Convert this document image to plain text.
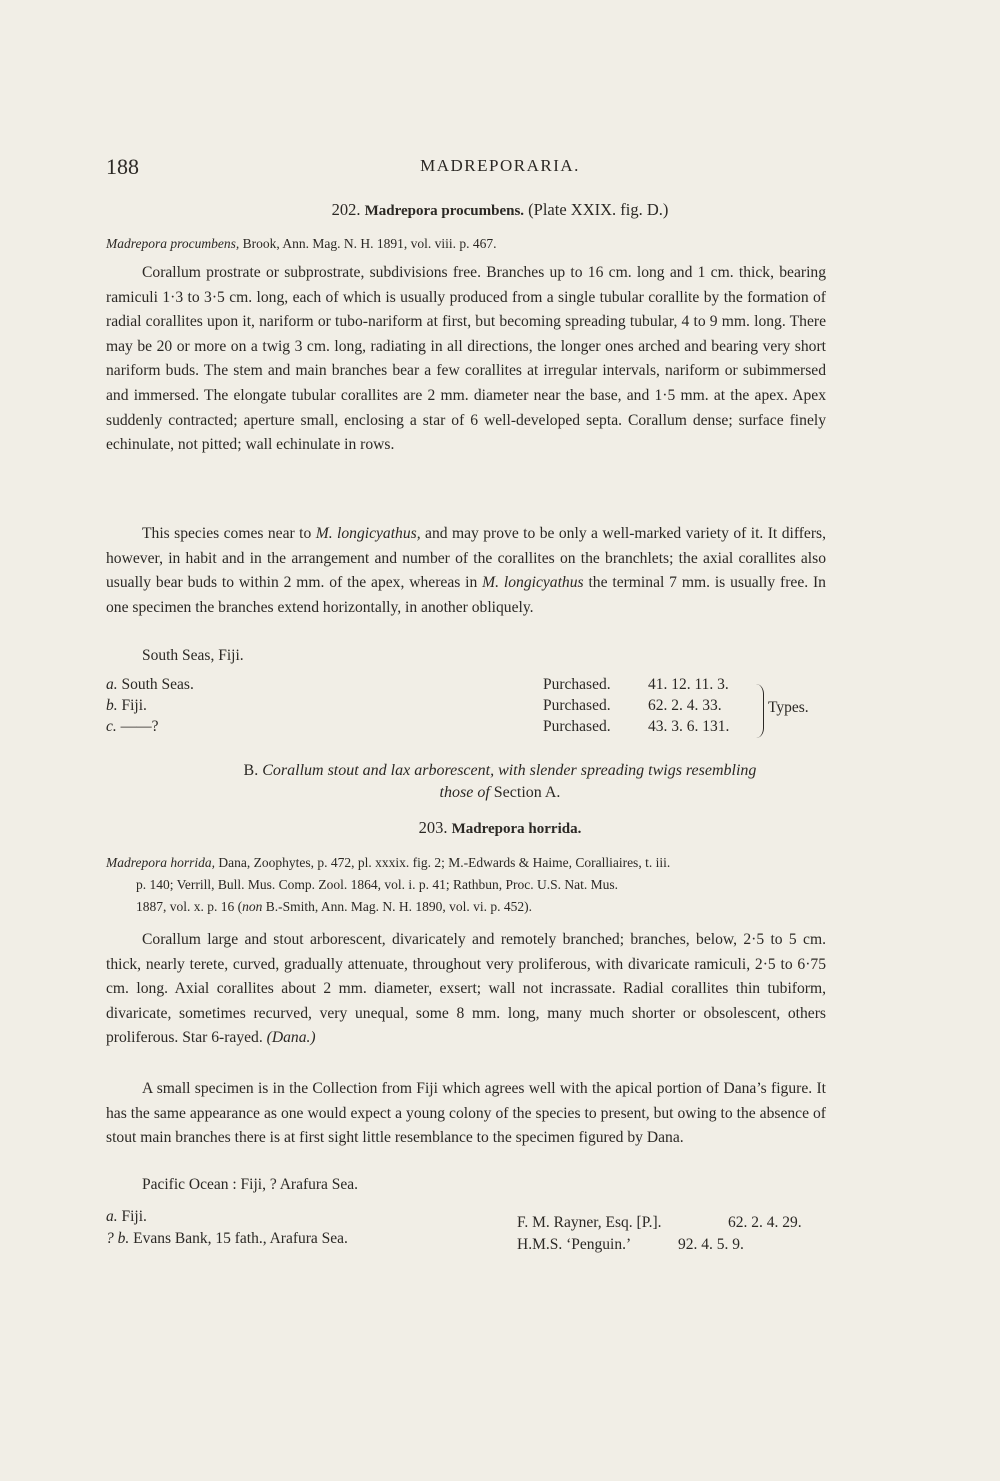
188	MADREPORARIA.
202. Madrepora procumbens. (Plate XXIX. fig. D.)
Madrepora procumbens, Brook, Ann. Mag. N. H. 1891, vol. viii. p. 467.

Corallum prostrate or subprostrate, subdivisions free. Branches up to 16 cm. long and 1 cm. thick, bearing ramiculi 1·3 to 3·5 cm. long, each of which is usually produced from a single tubular corallite by the formation of radial corallites upon it, nariform or tubo-nariform at first, but becoming spreading tubular, 4 to 9 mm. long. There may be 20 or more on a twig 3 cm. long, radiating in all directions, the longer ones arched and bearing very short nariform buds. The stem and main branches bear a few corallites at irregular intervals, nariform or subimmersed and immersed. The elongate tubular corallites are 2 mm. diameter near the base, and 1·5 mm. at the apex. Apex suddenly contracted; aperture small, enclosing a star of 6 well-developed septa. Corallum dense; surface finely echinulate, not pitted; wall echinulate in rows.

This species comes near to M. longicyathus, and may prove to be only a well-marked variety of it. It differs, however, in habit and in the arrangement and number of the corallites on the branchlets; the axial corallites also usually bear buds to within 2 mm. of the apex, whereas in M. longicyathus the terminal 7 mm. is usually free. In one specimen the branches extend horizontally, in another obliquely.

South Seas, Fiji.
a. South Seas.	Purchased. 41. 12. 11. 3.
b. Fiji.	Purchased. 62. 2. 4. 33.
c. ——?	Purchased. 43. 3. 6. 131.
Types.
B. Corallum stout and lax arborescent, with slender spreading twigs resembling
those of Section A.
203. Madrepora horrida.
Madrepora horrida, Dana, Zoophytes, p. 472, pl. xxxix. fig. 2; M.-Edwards & Haime, Coralliaires, t. iii.
p. 140; Verrill, Bull. Mus. Comp. Zool. 1864, vol. i. p. 41; Rathbun, Proc. U.S. Nat. Mus.
1887, vol. x. p. 16 (non B.-Smith, Ann. Mag. N. H. 1890, vol. vi. p. 452).

Corallum large and stout arborescent, divaricately and remotely branched; branches, below, 2·5 to 5 cm. thick, nearly terete, curved, gradually attenuate, throughout very proliferous, with divaricate ramiculi, 2·5 to 6·75 cm. long. Axial corallites about 2 mm. diameter, exsert; wall not incrassate. Radial corallites thin tubiform, divaricate, sometimes recurved, very unequal, some 8 mm. long, many much shorter or obsolescent, others proliferous. Star 6-rayed. (Dana.)

A small specimen is in the Collection from Fiji which agrees well with the apical portion of Dana’s figure. It has the same appearance as one would expect a young colony of the species to present, but owing to the absence of stout main branches there is at first sight little resemblance to the specimen figured by Dana.

Pacific Ocean : Fiji, ? Arafura Sea.
a. Fiji.	F. M. Rayner, Esq. [P.].	62. 2. 4. 29.
? b. Evans Bank, 15 fath., Arafura Sea.	H.M.S. ‘Penguin.’	92. 4. 5. 9.
